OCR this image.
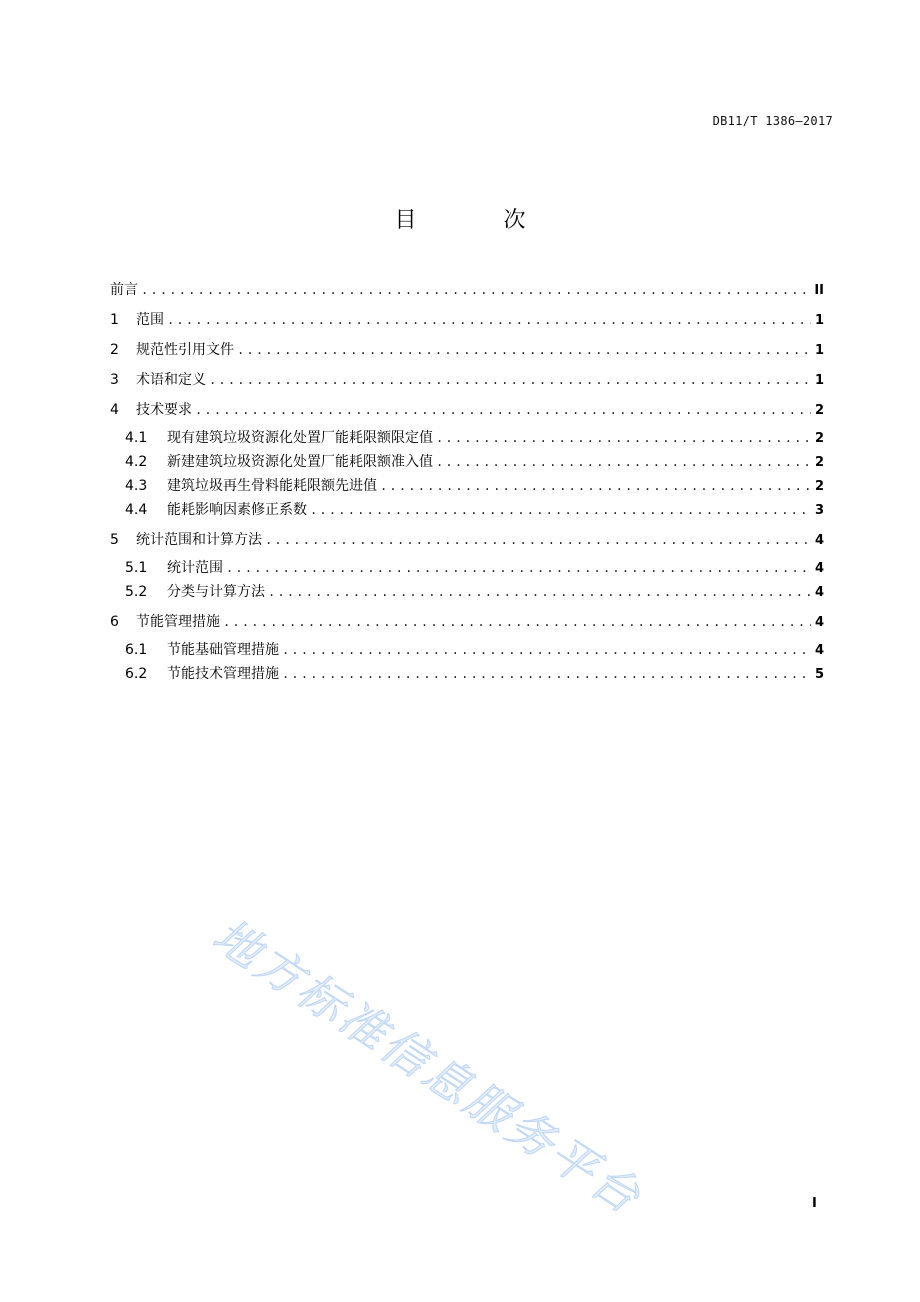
DB11/T 1386—2017
目 次
前言 .....	II
1	范围 .....	1
2	规范性引用文件 .....	1
3	术语和定义 .....	1
4	技术要求 .....	2
4.1	现有建筑垃圾资源化处置厂能耗限额限定值 .....	2
4.2	新建建筑垃圾资源化处置厂能耗限额准入值 .....	2
4.3	建筑垃圾再生骨料能耗限额先进值 .....	2
4.4	能耗影响因素修正系数 .....	3
5	统计范围和计算方法 .....	4
5.1	统计范围 .....	4
5.2	分类与计算方法 .....	4
6	节能管理措施 .....	4
6.1	节能基础管理措施 .....	4
6.2	节能技术管理措施 .....	5
地方标准信息服务平台	I
